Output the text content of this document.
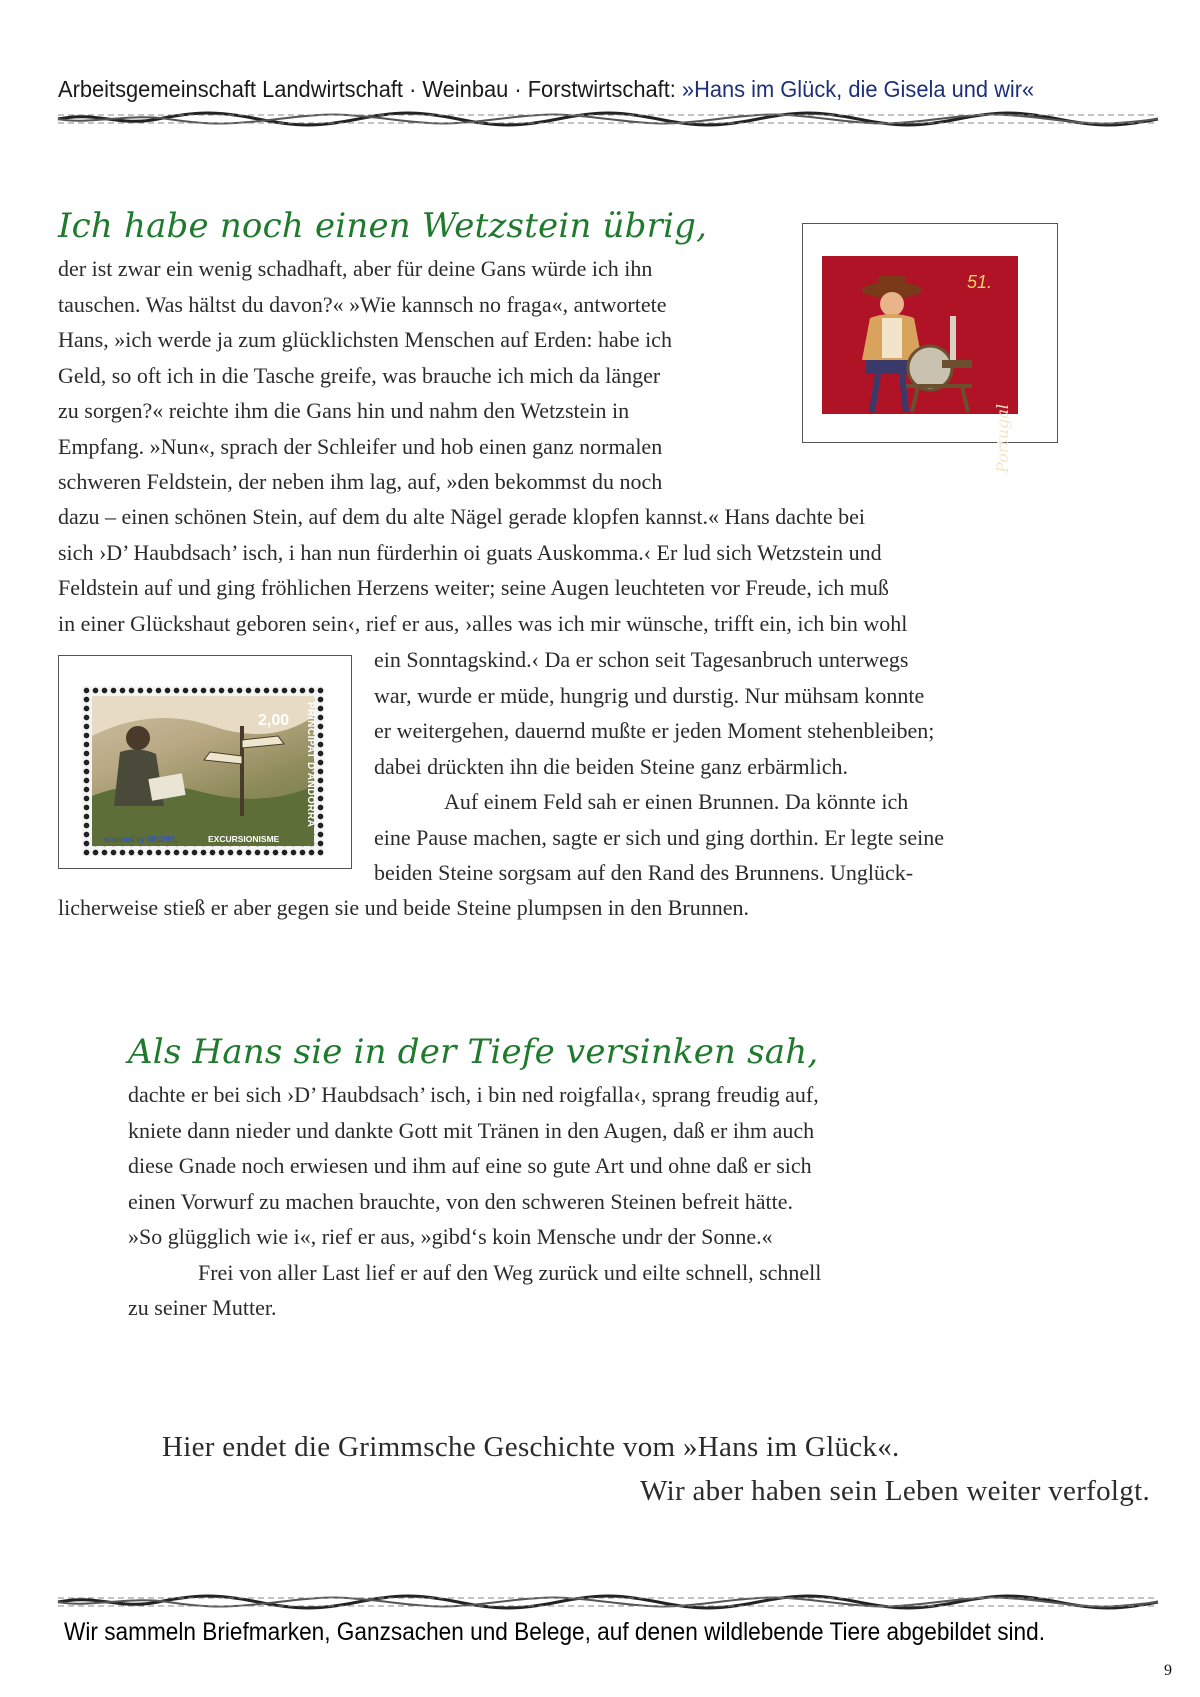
Arbeitsgemeinschaft Landwirtschaft · Weinbau · Forstwirtschaft: »Hans im Glück, die Gisela und wir«
Ich habe noch einen Wetzstein übrig,

der ist zwar ein wenig schadhaft, aber für deine Gans würde ich ihn

tauschen. Was hältst du davon?« »Wie kannsch no fraga«, antwortete

Hans, »ich werde ja zum glücklichsten Menschen auf Erden: habe ich

Geld, so oft ich in die Tasche greife, was brauche ich mich da länger

zu sorgen?« reichte ihm die Gans hin und nahm den Wetzstein in

Empfang. »Nun«, sprach der Schleifer und hob einen ganz normalen

schweren Feldstein, der neben ihm lag, auf, »den bekommst du noch

51.
Portugal

dazu – einen schönen Stein, auf dem du alte Nägel gerade klopfen kannst.« Hans dachte bei

sich ›D’ Haubdsach’ isch, i han nun fürderhin oi guats Auskomma.‹ Er lud sich Wetzstein und

Feldstein auf und ging fröhlichen Herzens weiter; seine Augen leuchteten vor Freude, ich muß

in einer Glückshaut geboren sein‹, rief er aus, ›alles was ich mir wünsche, trifft ein, ich bin wohl

2,00 PRINCIPAT D'ANDORRA
EXCURSIONISME
scanned by MICHEL

ein Sonntagskind.‹ Da er schon seit Tagesanbruch unterwegs

war, wurde er müde, hungrig und durstig. Nur mühsam konnte

er weitergehen, dauernd mußte er jeden Moment stehenbleiben;

dabei drückten ihn die beiden Steine ganz erbärmlich.

Auf einem Feld sah er einen Brunnen. Da könnte ich

eine Pause machen, sagte er sich und ging dorthin. Er legte seine

beiden Steine sorgsam auf den Rand des Brunnens. Unglück-

licherweise stieß er aber gegen sie und beide Steine plumpsen in den Brunnen.

Als Hans sie in der Tiefe versinken sah,

dachte er bei sich ›D’ Haubdsach’ isch, i bin ned roigfalla‹, sprang freudig auf,

kniete dann nieder und dankte Gott mit Tränen in den Augen, daß er ihm auch

diese Gnade noch erwiesen und ihm auf eine so gute Art und ohne daß er sich

einen Vorwurf zu machen brauchte, von den schweren Steinen befreit hätte.

»So glügglich wie i«, rief er aus, »gibd‘s koin Mensche undr der Sonne.«

Frei von aller Last lief er auf den Weg zurück und eilte schnell, schnell

zu seiner Mutter.

Hier endet die Grimmsche Geschichte vom »Hans im Glück«.
Wir aber haben sein Leben weiter verfolgt.
Wir sammeln Briefmarken, Ganzsachen und Belege, auf denen wildlebende Tiere abgebildet sind.
9
